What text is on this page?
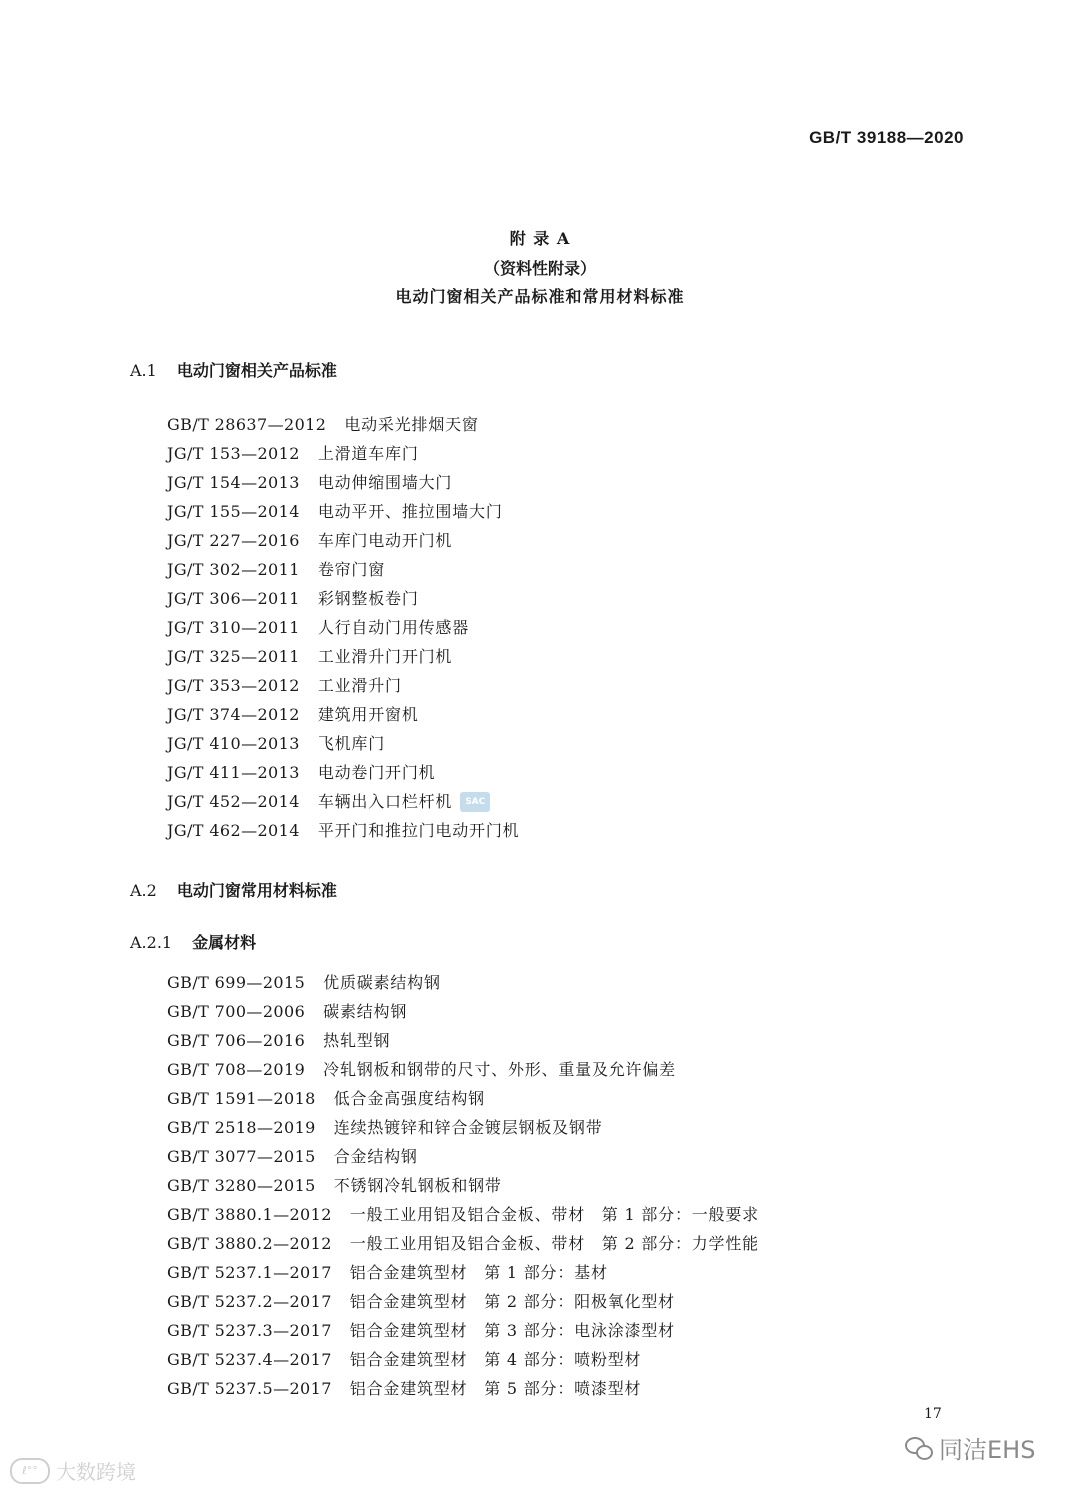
GB/T 39188—2020
附 录 A
（资料性附录）
电动门窗相关产品标准和常用材料标准
A.1 电动门窗相关产品标准
GB/T 28637—2012 电动采光排烟天窗
JG/T 153—2012 上滑道车库门
JG/T 154—2013 电动伸缩围墙大门
JG/T 155—2014 电动平开、推拉围墙大门
JG/T 227—2016 车库门电动开门机
JG/T 302—2011 卷帘门窗
JG/T 306—2011 彩钢整板卷门
JG/T 310—2011 人行自动门用传感器
JG/T 325—2011 工业滑升门开门机
JG/T 353—2012 工业滑升门
JG/T 374—2012 建筑用开窗机
JG/T 410—2013 飞机库门
JG/T 411—2013 电动卷门开门机
JG/T 452—2014 车辆出入口栏杆机	SAC
JG/T 462—2014 平开门和推拉门电动开门机
A.2 电动门窗常用材料标准
A.2.1 金属材料
GB/T 699—2015 优质碳素结构钢
GB/T 700—2006 碳素结构钢
GB/T 706—2016 热轧型钢
GB/T 708—2019 冷轧钢板和钢带的尺寸、外形、重量及允许偏差
GB/T 1591—2018 低合金高强度结构钢
GB/T 2518—2019 连续热镀锌和锌合金镀层钢板及钢带
GB/T 3077—2015 合金结构钢
GB/T 3280—2015 不锈钢冷轧钢板和钢带
GB/T 3880.1—2012 一般工业用铝及铝合金板、带材　第 1 部分：一般要求
GB/T 3880.2—2012 一般工业用铝及铝合金板、带材　第 2 部分：力学性能
GB/T 5237.1—2017 铝合金建筑型材　第 1 部分：基材
GB/T 5237.2—2017 铝合金建筑型材　第 2 部分：阳极氧化型材
GB/T 5237.3—2017 铝合金建筑型材　第 3 部分：电泳涂漆型材
GB/T 5237.4—2017 铝合金建筑型材　第 4 部分：喷粉型材
GB/T 5237.5—2017 铝合金建筑型材　第 5 部分：喷漆型材
17
ℓ°° 大数跨境
同洁EHS
